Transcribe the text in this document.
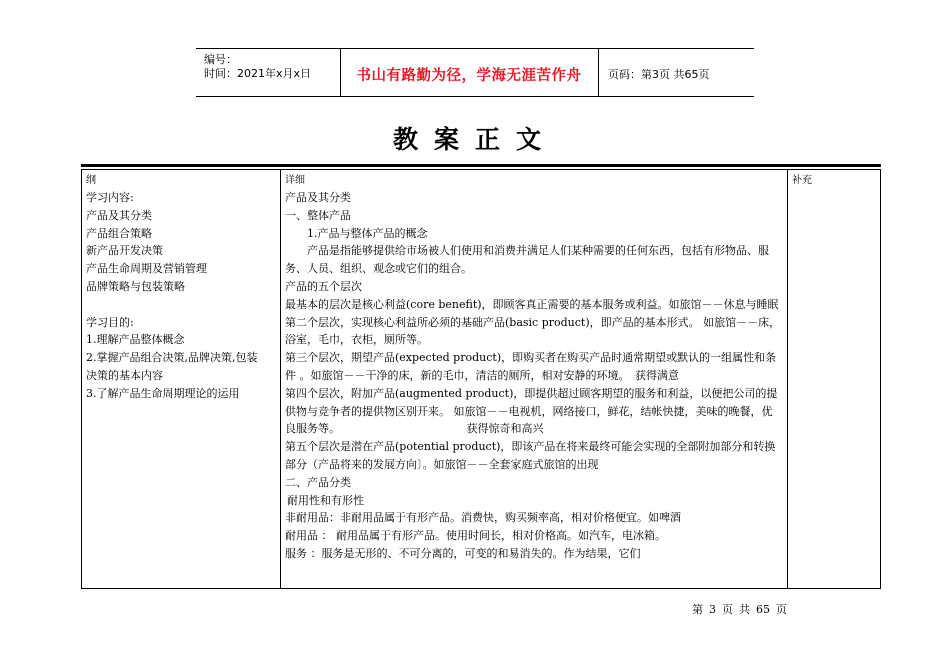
编号：
时间：2021年x月x日	书山有路勤为径，学海无涯苦作舟	页码：第3页 共65页
教案正文
纲

学习内容:

产品及其分类

产品组合策略

新产品开发决策

产品生命周期及营销管理

品牌策略与包装策略

学习目的:

1.理解产品整体概念

2.掌握产品组合决策,品牌决策,包装

决策的基本内容

3.了解产品生命周期理论的运用

详细

产品及其分类

一、整体产品

1.产品与整体产品的概念

产品是指能够提供给市场被人们使用和消费并满足人们某种需要的任何东西，包括有形物品、服务、人员、组织、观念或它们的组合。

产品的五个层次

最基本的层次是核心利益(core benefit)，即顾客真正需要的基本服务或利益。如旅馆－－休息与睡眠

第二个层次，实现核心利益所必须的基础产品(basic product)，即产品的基本形式。 如旅馆－－床，浴室，毛巾，衣柜，厕所等。

第三个层次，期望产品(expected product)，即购买者在购买产品时通常期望或默认的一组属性和条件 。如旅馆－－干净的床，新的毛巾，清洁的厕所，相对安静的环境。　获得满意

第四个层次，附加产品(augmented product)，即提供超过顾客期望的服务和利益，以便把公司的提供物与竞争者的提供物区别开来。 如旅馆－－电视机，网络接口，鲜花，结帐快捷，美味的晚餐，优良服务等。　　　　　　　　　　　　获得惊奇和高兴

第五个层次是潜在产品(potential product)，即该产品在将来最终可能会实现的全部附加部分和转换部分（产品将来的发展方向〕。如旅馆－－全套家庭式旅馆的出现

二、产品分类

耐用性和有形性

非耐用品：非耐用品属于有形产品。消费快，购买频率高，相对价格便宜。如啤酒

耐用品 ： 耐用品属于有形产品。使用时间长，相对价格高。如汽车，电冰箱。

服务 ：服务是无形的、不可分离的，可变的和易消失的。作为结果，它们

补充
第 3 页 共 65 页
